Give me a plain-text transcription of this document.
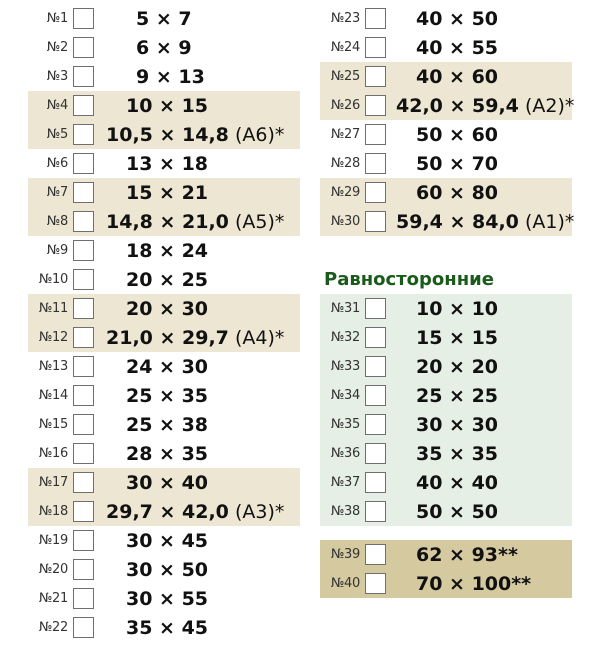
№1	5 × 7
№2	6 × 9
№3	9 × 13
№4	10 × 15
№5	10,5 × 14,8 (A6)*
№6	13 × 18
№7	15 × 21
№8	14,8 × 21,0 (A5)*
№9	18 × 24
№10	20 × 25
№11	20 × 30
№12	21,0 × 29,7 (A4)*
№13	24 × 30
№14	25 × 35
№15	25 × 38
№16	28 × 35
№17	30 × 40
№18	29,7 × 42,0 (A3)*
№19	30 × 45
№20	30 × 50
№21	30 × 55
№22	35 × 45
№23	40 × 50
№24	40 × 55
№25	40 × 60
№26	42,0 × 59,4 (A2)*
№27	50 × 60
№28	50 × 70
№29	60 × 80
№30	59,4 × 84,0 (A1)*
Равносторонние
№31	10 × 10
№32	15 × 15
№33	20 × 20
№34	25 × 25
№35	30 × 30
№36	35 × 35
№37	40 × 40
№38	50 × 50
№39	62 × 93**
№40	70 × 100**
